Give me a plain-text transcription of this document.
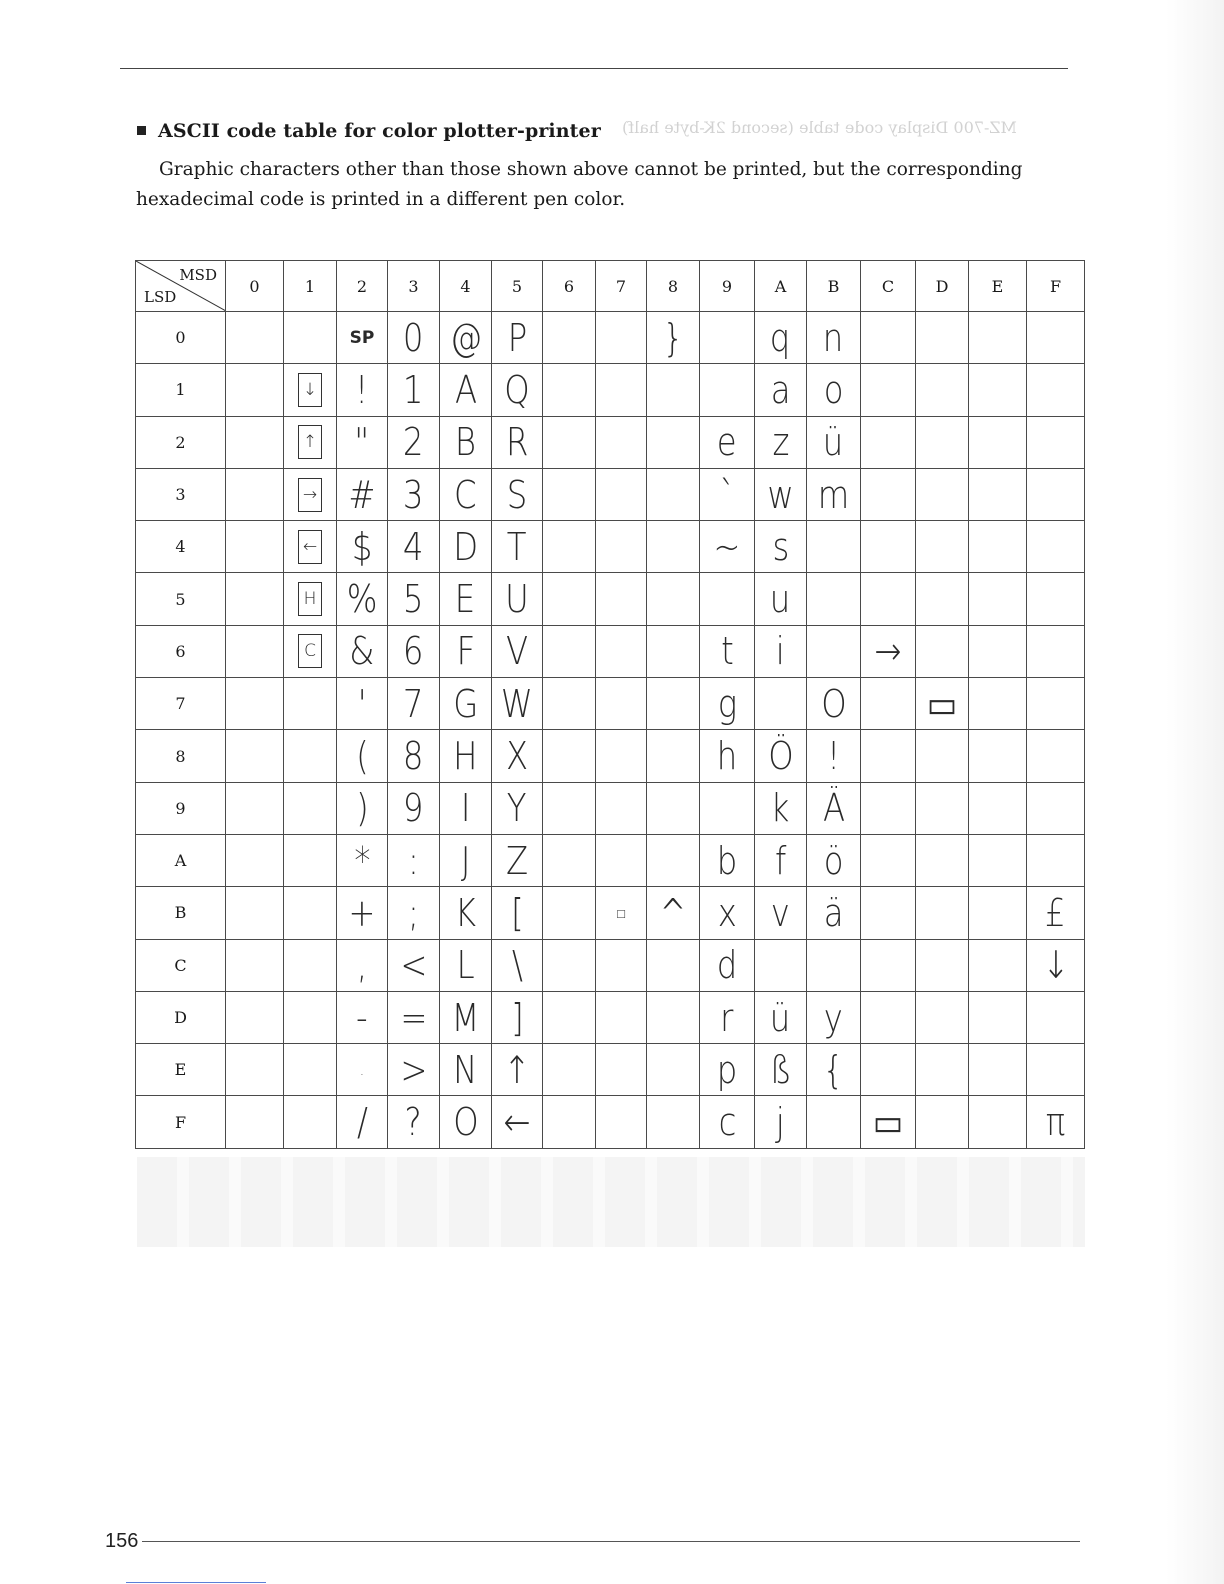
MZ-700 Display code table (second 2K-byte half)
ASCII code table for color plotter-printer
Graphic characters other than those shown above cannot be printed, but the corresponding hexadecimal code is printed in a different pen color.
MSD
LSD	0	1	2	3	4	5	6	7	8	9	A	B	C	D	E	F
0			SP	0	@	P			}		q	n				
1		↓	!	1	A	Q					a	o				
2		↑	"	2	B	R				e	z	ü				
3		→	#	3	C	S				`	w	m				
4		←	$	4	D	T				~	s					
5		H	%	5	E	U					u					
6		C	&	6	F	V				t	i		→			
7			'	7	G	W				g		O		▭		
8			(	8	H	X				h	Ö	!				
9			)	9	I	Y					k	Ä				
A			*	:	J	Z				b	f	ö				
B			+	;	K	[		□	^	x	v	ä				£
C			,	<	L	\				d						↓
D			-	=	M	]				r	ü	y				
E			.	>	N	↑				p	ß	{				
F			/	?	O	←				c	j		▭			π
156
